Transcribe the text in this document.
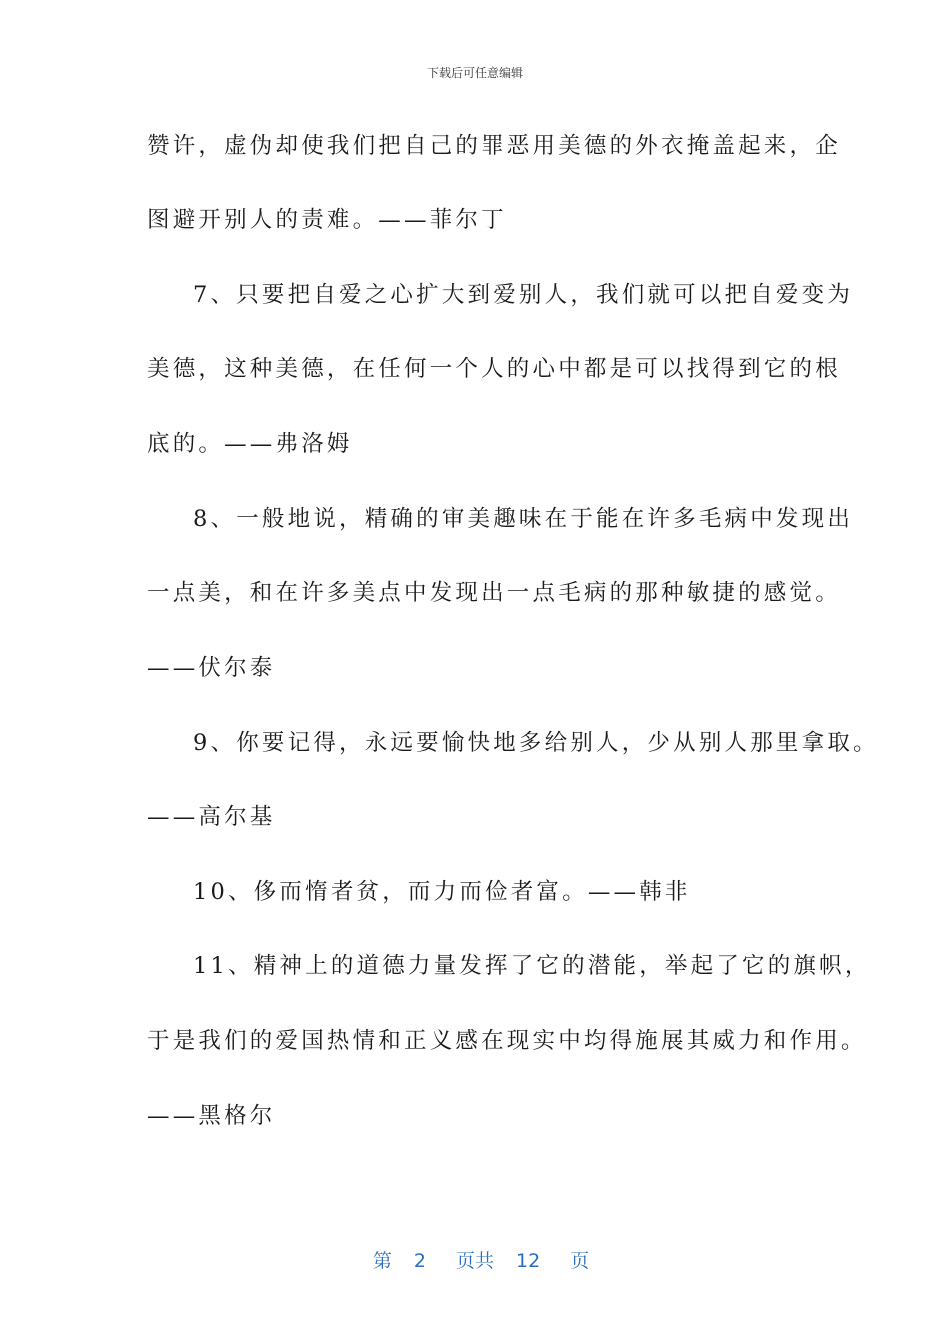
下载后可任意编辑
赞许，虚伪却使我们把自己的罪恶用美德的外衣掩盖起来，企
图避开别人的责难。——菲尔丁
7、只要把自爱之心扩大到爱别人，我们就可以把自爱变为
美德，这种美德，在任何一个人的心中都是可以找得到它的根
底的。——弗洛姆
8、一般地说，精确的审美趣味在于能在许多毛病中发现出
一点美，和在许多美点中发现出一点毛病的那种敏捷的感觉。
——伏尔泰
9、你要记得，永远要愉快地多给别人，少从别人那里拿取。
——高尔基
10、侈而惰者贫，而力而俭者富。——韩非
11、精神上的道德力量发挥了它的潜能，举起了它的旗帜，
于是我们的爱国热情和正义感在现实中均得施展其威力和作用。
——黑格尔

第 2 页共 12 页
